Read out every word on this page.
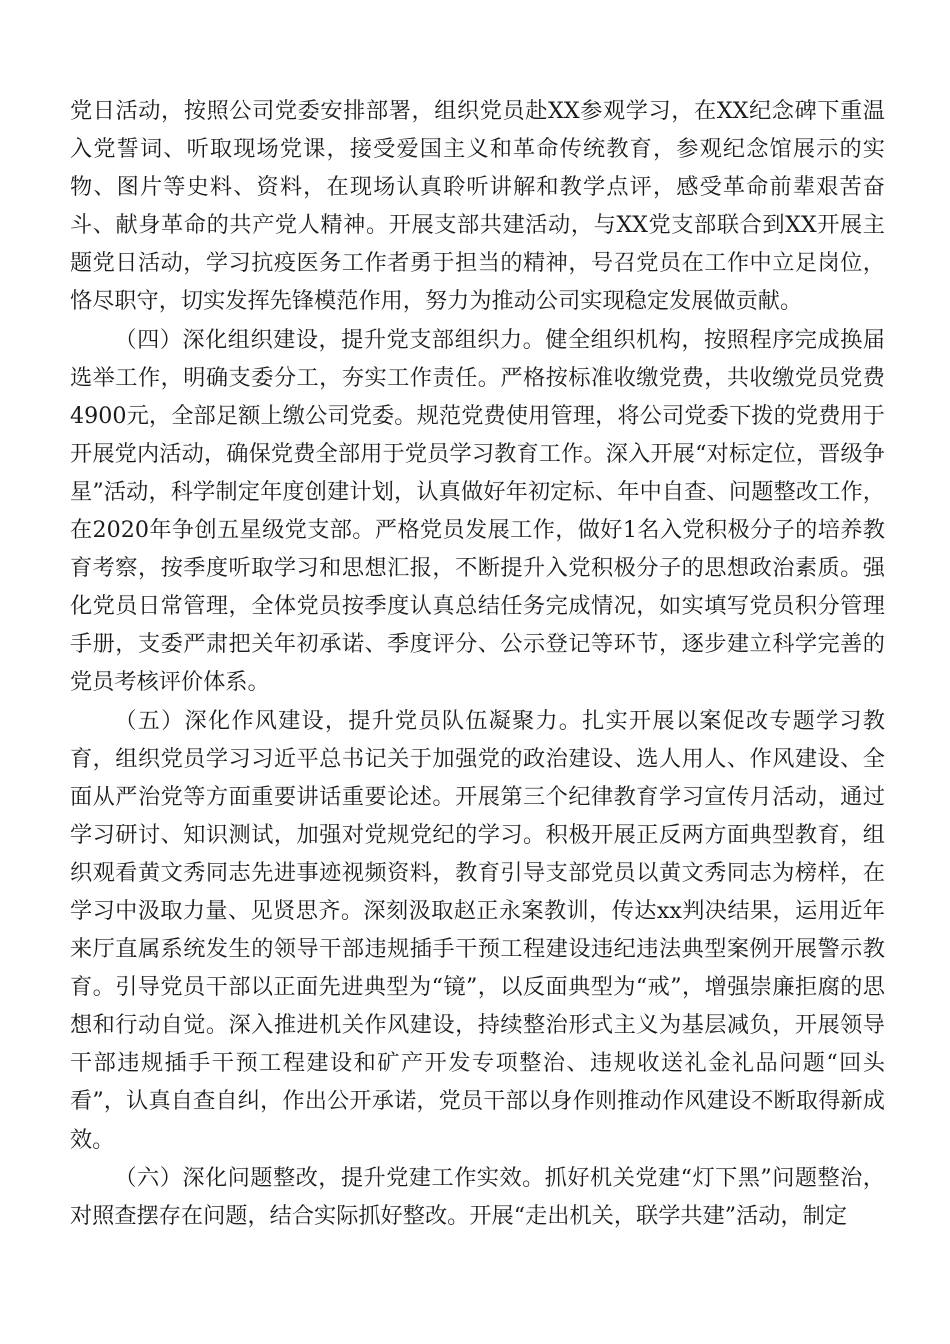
党日活动，按照公司党委安排部署，组织党员赴XX参观学习，在XX纪念碑下重温入党誓词、听取现场党课，接受爱国主义和革命传统教育，参观纪念馆展示的实物、图片等史料、资料，在现场认真聆听讲解和教学点评，感受革命前辈艰苦奋斗、献身革命的共产党人精神。开展支部共建活动，与XX党支部联合到XX开展主题党日活动，学习抗疫医务工作者勇于担当的精神，号召党员在工作中立足岗位，恪尽职守，切实发挥先锋模范作用，努力为推动公司实现稳定发展做贡献。

（四）深化组织建设，提升党支部组织力。健全组织机构，按照程序完成换届选举工作，明确支委分工，夯实工作责任。严格按标准收缴党费，共收缴党员党费4900元，全部足额上缴公司党委。规范党费使用管理，将公司党委下拨的党费用于开展党内活动，确保党费全部用于党员学习教育工作。深入开展“对标定位，晋级争星”活动，科学制定年度创建计划，认真做好年初定标、年中自查、问题整改工作，在2020年争创五星级党支部。严格党员发展工作，做好1名入党积极分子的培养教育考察，按季度听取学习和思想汇报，不断提升入党积极分子的思想政治素质。强化党员日常管理，全体党员按季度认真总结任务完成情况，如实填写党员积分管理手册，支委严肃把关年初承诺、季度评分、公示登记等环节，逐步建立科学完善的党员考核评价体系。

（五）深化作风建设，提升党员队伍凝聚力。扎实开展以案促改专题学习教育，组织党员学习习近平总书记关于加强党的政治建设、选人用人、作风建设、全面从严治党等方面重要讲话重要论述。开展第三个纪律教育学习宣传月活动，通过学习研讨、知识测试，加强对党规党纪的学习。积极开展正反两方面典型教育，组织观看黄文秀同志先进事迹视频资料，教育引导支部党员以黄文秀同志为榜样，在学习中汲取力量、见贤思齐。深刻汲取赵正永案教训，传达xx判决结果，运用近年来厅直属系统发生的领导干部违规插手干预工程建设违纪违法典型案例开展警示教育。引导党员干部以正面先进典型为“镜”，以反面典型为“戒”，增强崇廉拒腐的思想和行动自觉。深入推进机关作风建设，持续整治形式主义为基层减负，开展领导干部违规插手干预工程建设和矿产开发专项整治、违规收送礼金礼品问题“回头看”，认真自查自纠，作出公开承诺，党员干部以身作则推动作风建设不断取得新成效。

（六）深化问题整改，提升党建工作实效。抓好机关党建“灯下黑”问题整治，对照查摆存在问题，结合实际抓好整改。开展“走出机关，联学共建”活动，制定
